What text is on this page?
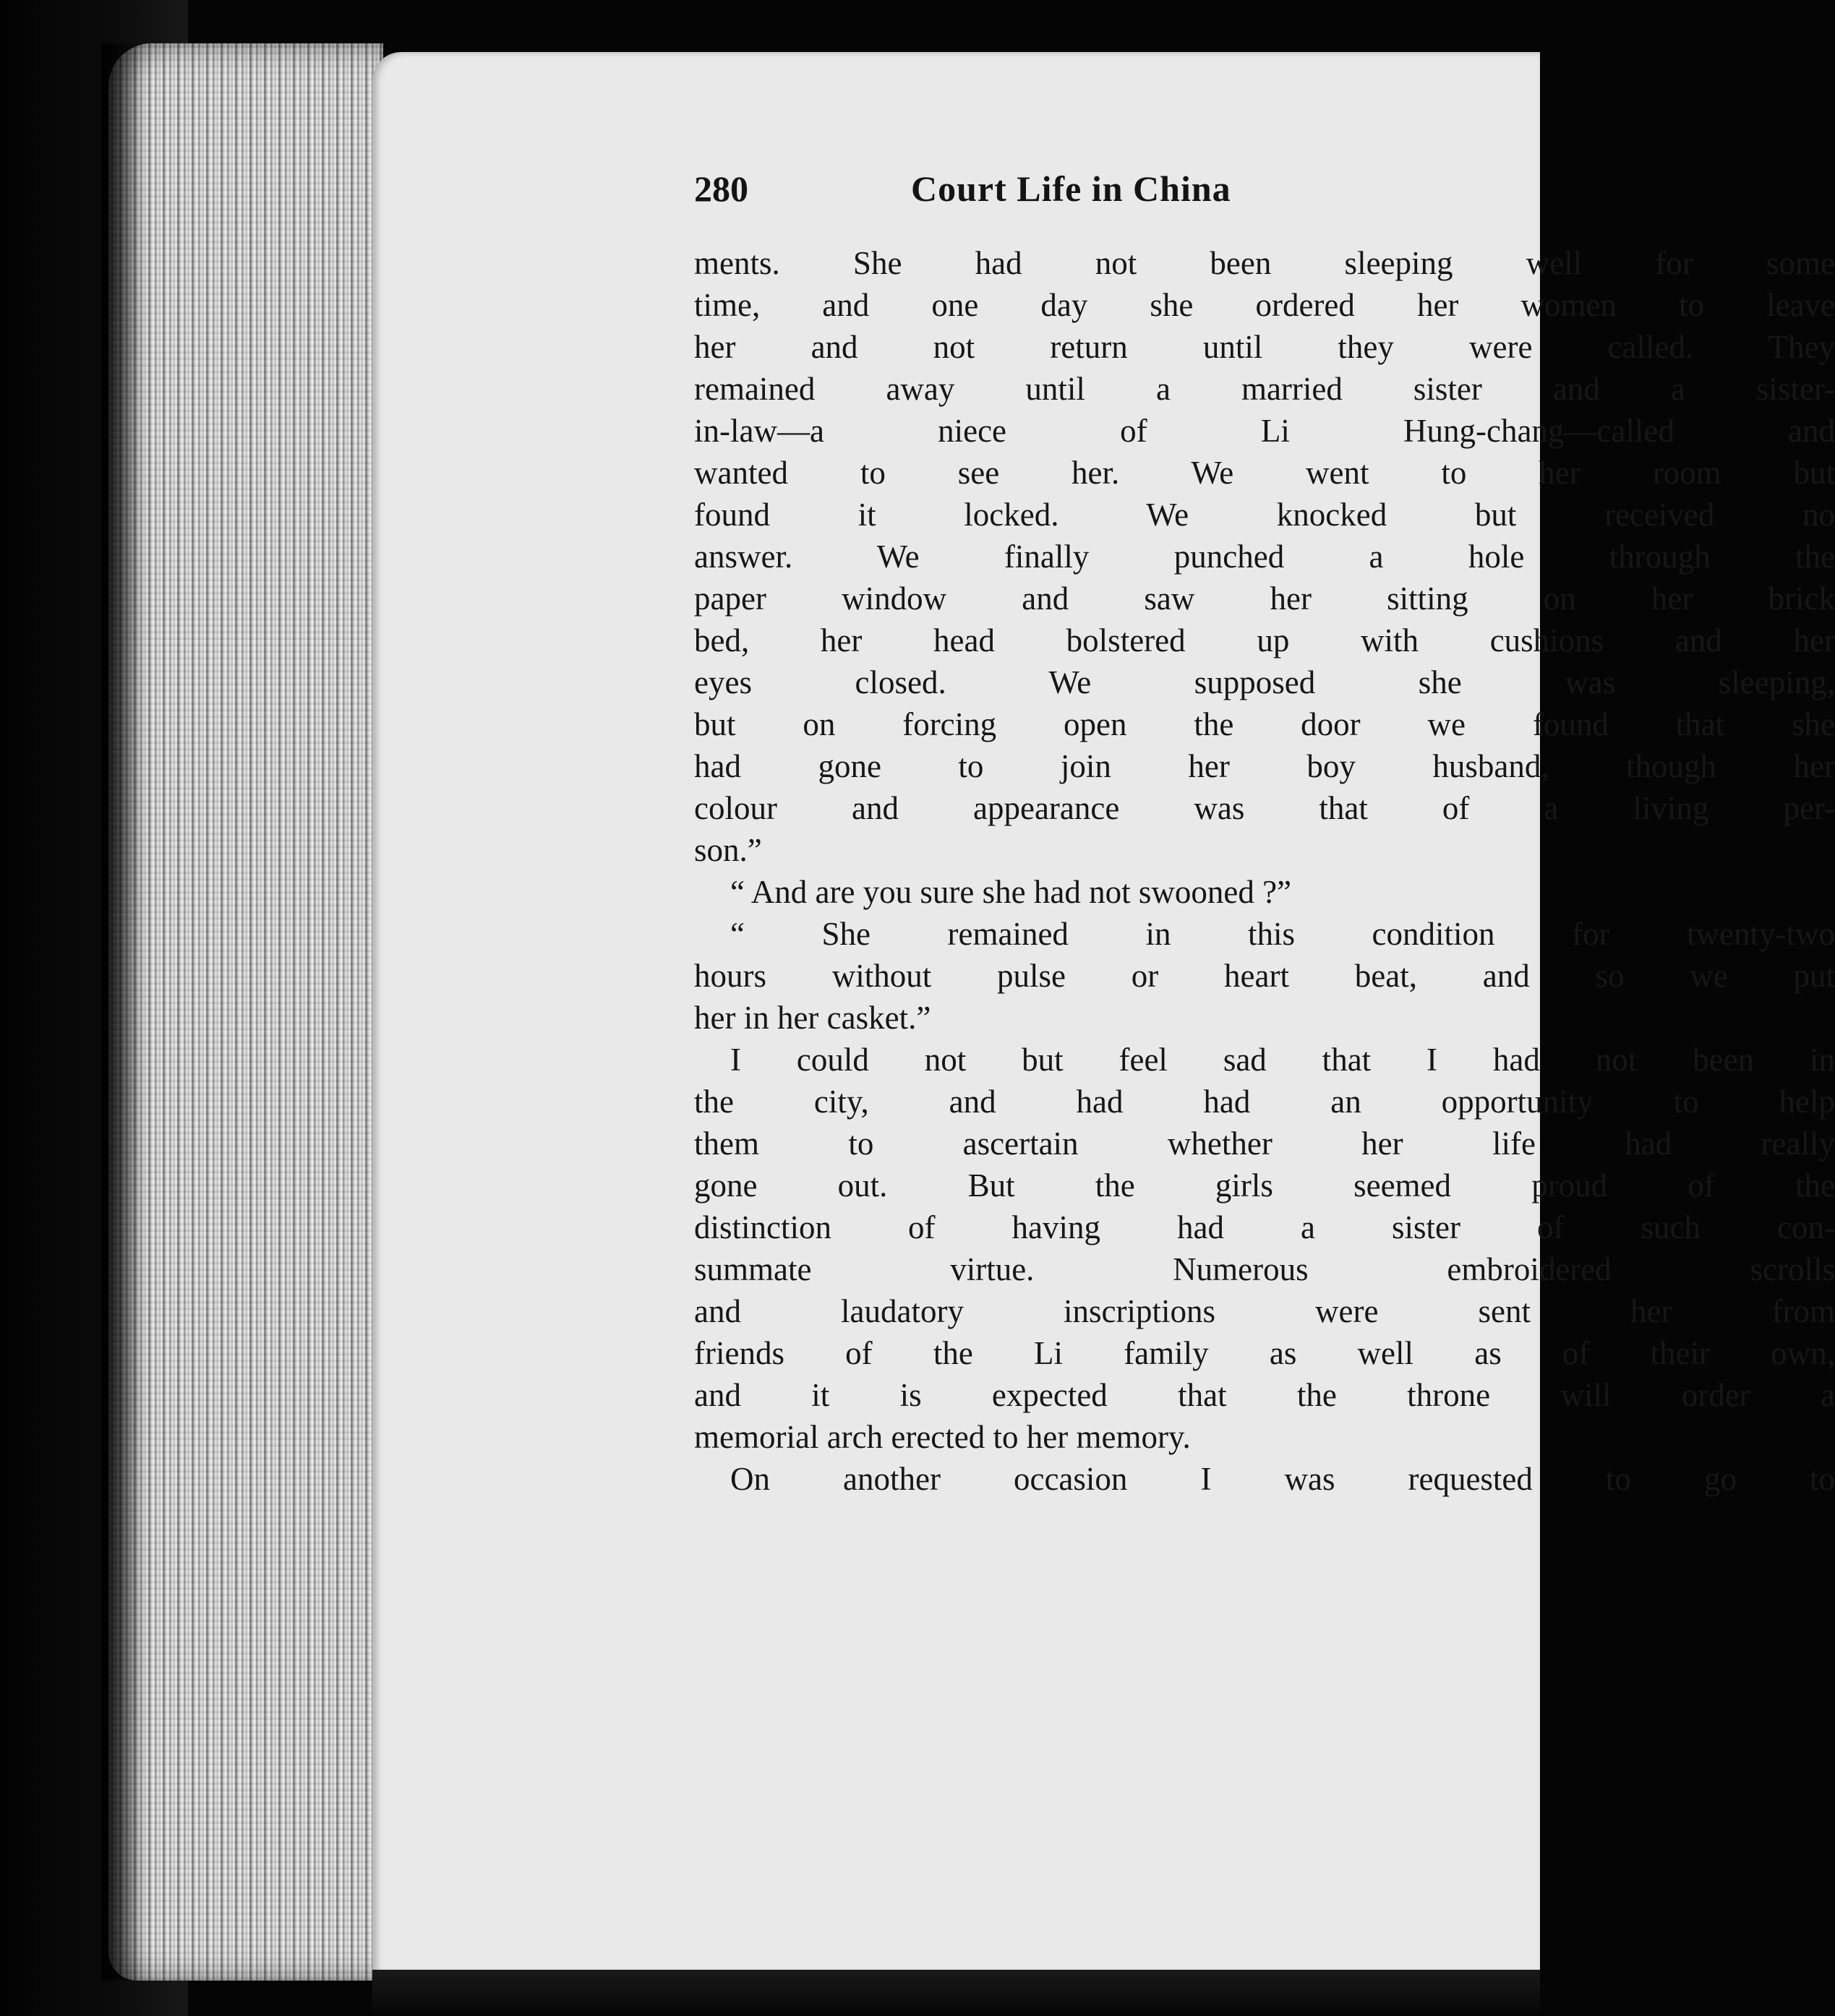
280	Court Life in China
ments. She had not been sleeping well for some
time, and one day she ordered her women to leave
her and not return until they were called. They
remained away until a married sister and a sister-
in-law—a niece of Li Hung-chang—called and
wanted to see her. We went to her room but
found it locked. We knocked but received no
answer. We finally punched a hole through the
paper window and saw her sitting on her brick
bed, her head bolstered up with cushions and her
eyes closed. We supposed she was sleeping,
but on forcing open the door we found that she
had gone to join her boy husband, though her
colour and appearance was that of a living per-
son.”
“ And are you sure she had not swooned ?”
“ She remained in this condition for twenty-two
hours without pulse or heart beat, and so we put
her in her casket.”
I could not but feel sad that I had not been in
the city, and had had an opportunity to help
them to ascertain whether her life had really
gone out. But the girls seemed proud of the
distinction of having had a sister of such con-
summate virtue. Numerous embroidered scrolls
and laudatory inscriptions were sent her from
friends of the Li family as well as of their own,
and it is expected that the throne will order a
memorial arch erected to her memory.
On another occasion I was requested to go to
